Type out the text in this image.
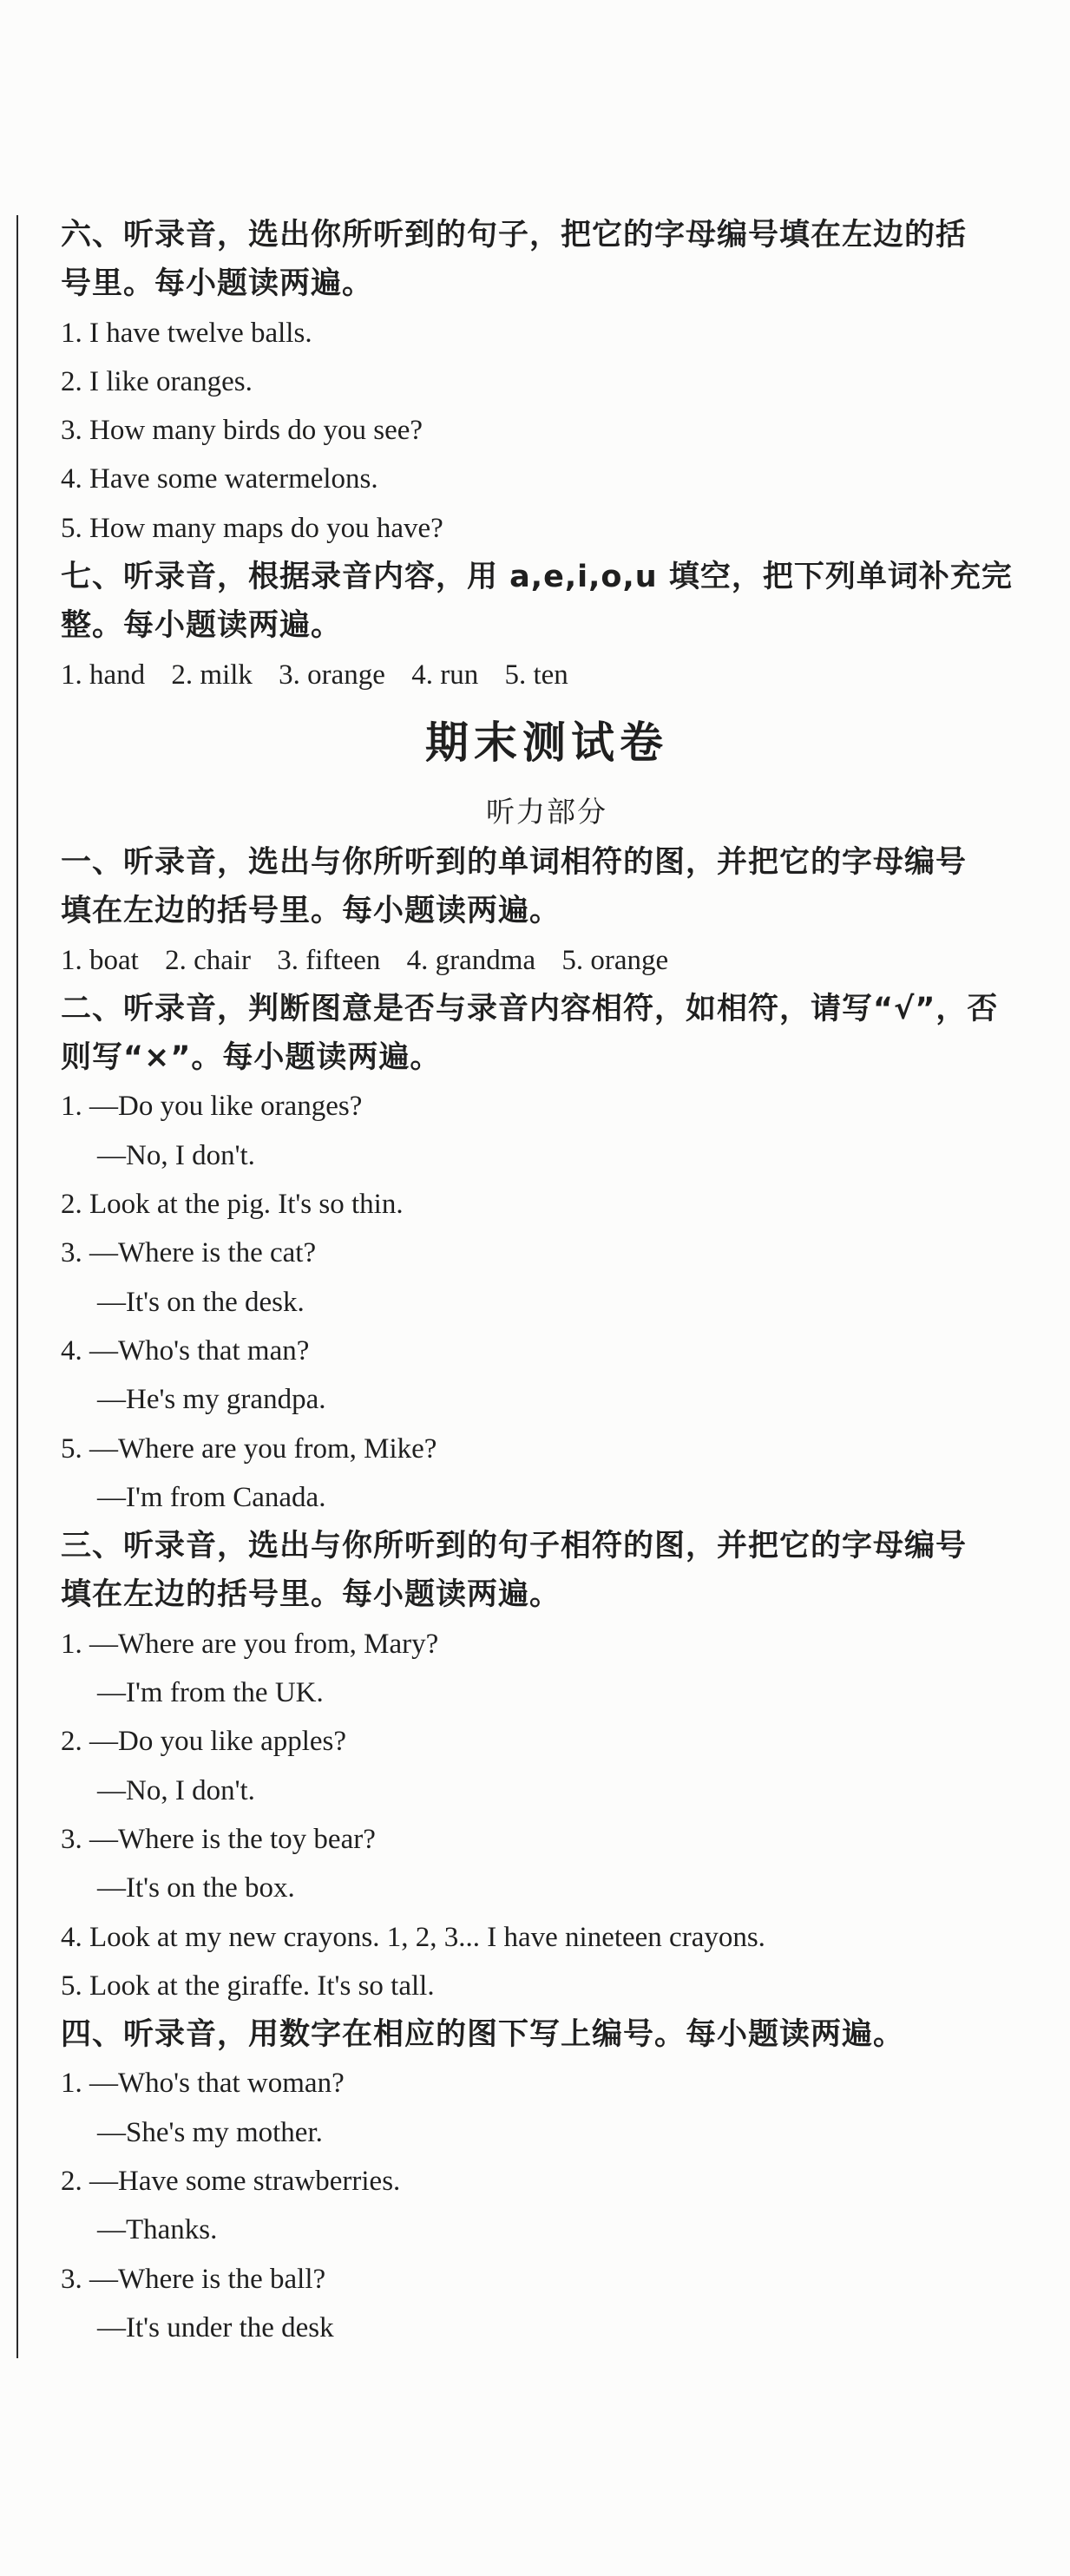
六、听录音，选出你所听到的句子，把它的字母编号填在左边的括
号里。每小题读两遍。
1. I have twelve balls.
2. I like oranges.
3. How many birds do you see?
4. Have some watermelons.
5. How many maps do you have?
七、听录音，根据录音内容，用 a,e,i,o,u 填空，把下列单词补充完
整。每小题读两遍。
1. hand 2. milk 3. orange 4. run 5. ten
期末测试卷
听力部分
一、听录音，选出与你所听到的单词相符的图，并把它的字母编号
填在左边的括号里。每小题读两遍。
1. boat 2. chair 3. fifteen 4. grandma 5. orange
二、听录音，判断图意是否与录音内容相符，如相符，请写“√”，否
则写“×”。每小题读两遍。
1. —Do you like oranges?
—No, I don't.
2. Look at the pig. It's so thin.
3. —Where is the cat?
—It's on the desk.
4. —Who's that man?
—He's my grandpa.
5. —Where are you from, Mike?
—I'm from Canada.
三、听录音，选出与你所听到的句子相符的图，并把它的字母编号
填在左边的括号里。每小题读两遍。
1. —Where are you from, Mary?
—I'm from the UK.
2. —Do you like apples?
—No, I don't.
3. —Where is the toy bear?
—It's on the box.
4. Look at my new crayons. 1, 2, 3... I have nineteen crayons.
5. Look at the giraffe. It's so tall.
四、听录音，用数字在相应的图下写上编号。每小题读两遍。
1. —Who's that woman?
—She's my mother.
2. —Have some strawberries.
—Thanks.
3. —Where is the ball?
—It's under the desk
